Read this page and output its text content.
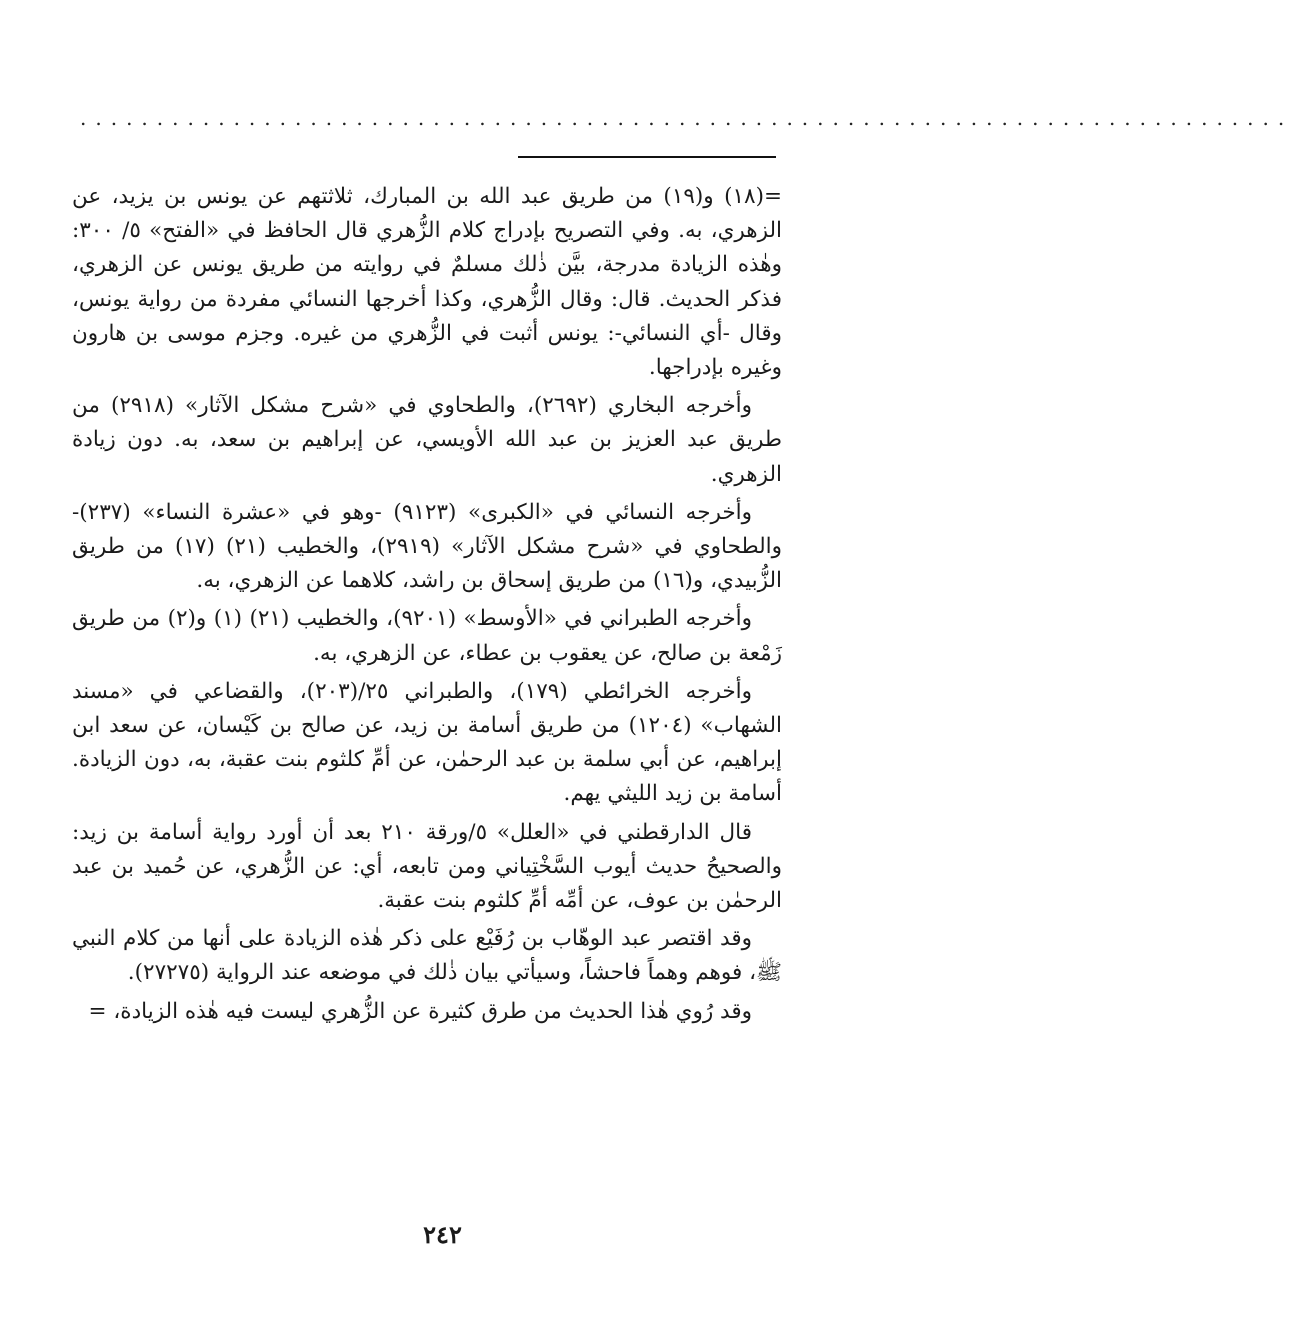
...............................................................................

=(١٨) و(١٩) من طريق عبد الله بن المبارك، ثلاثتهم عن يونس بن يزيد، عن الزهري، به. وفي التصريح بإدراج كلام الزُّهري قال الحافظ في «الفتح» ٥/ ٣٠٠: وهٰذه الزيادة مدرجة، بيَّن ذٰلك مسلمٌ في روايته من طريق يونس عن الزهري، فذكر الحديث. قال: وقال الزُّهري، وكذا أخرجها النسائي مفردة من رواية يونس، وقال -أي النسائي-: يونس أثبت في الزُّهري من غيره. وجزم موسى بن هارون وغيره بإدراجها.

وأخرجه البخاري (٢٦٩٢)، والطحاوي في «شرح مشكل الآثار» (٢٩١٨) من طريق عبد العزيز بن عبد الله الأويسي، عن إبراهيم بن سعد، به. دون زيادة الزهري.

وأخرجه النسائي في «الكبرى» (٩١٢٣) -وهو في «عشرة النساء» (٢٣٧)- والطحاوي في «شرح مشكل الآثار» (٢٩١٩)، والخطيب (٢١) (١٧) من طريق الزُّبيدي، و(١٦) من طريق إسحاق بن راشد، كلاهما عن الزهري، به.

وأخرجه الطبراني في «الأوسط» (٩٢٠١)، والخطيب (٢١) (١) و(٢) من طريق زَمْعة بن صالح، عن يعقوب بن عطاء، عن الزهري، به.

وأخرجه الخرائطي (١٧٩)، والطبراني ٢٥/(٢٠٣)، والقضاعي في «مسند الشهاب» (١٢٠٤) من طريق أسامة بن زيد، عن صالح بن كَيْسان، عن سعد ابن إبراهيم، عن أبي سلمة بن عبد الرحمٰن، عن أمِّ كلثوم بنت عقبة، به، دون الزيادة. أسامة بن زيد الليثي يهم.

قال الدارقطني في «العلل» ٥/ورقة ٢١٠ بعد أن أورد رواية أسامة بن زيد: والصحيحُ حديث أيوب السَّخْتِياني ومن تابعه، أي: عن الزُّهري، عن حُميد بن عبد الرحمٰن بن عوف، عن أمِّه أمِّ كلثوم بنت عقبة.

وقد اقتصر عبد الوهّاب بن رُفَيْع على ذكر هٰذه الزيادة على أنها من كلام النبي ﷺ، فوهم وهماً فاحشاً، وسيأتي بيان ذٰلك في موضعه عند الرواية (٢٧٢٧٥).

وقد رُوي هٰذا الحديث من طرق كثيرة عن الزُّهري ليست فيه هٰذه الزيادة، =

٢٤٢
